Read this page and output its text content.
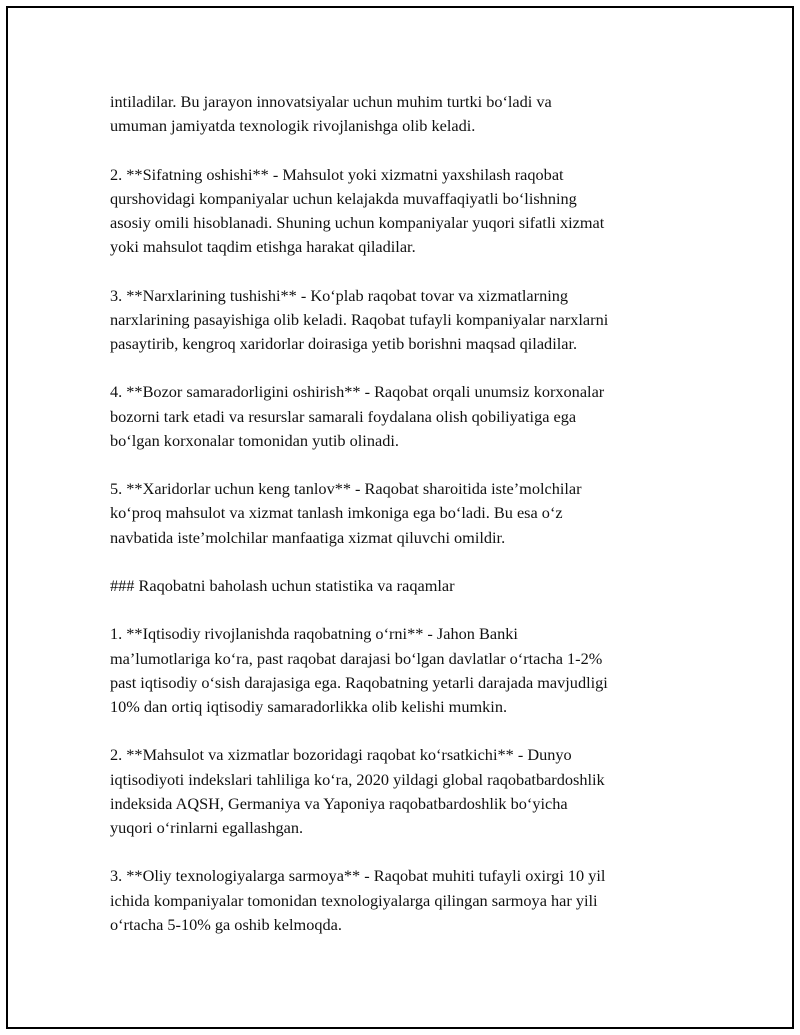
intiladilar. Bu jarayon innovatsiyalar uchun muhim turtki bo‘ladi va
umuman jamiyatda texnologik rivojlanishga olib keladi.

2. **Sifatning oshishi** - Mahsulot yoki xizmatni yaxshilash raqobat
qurshovidagi kompaniyalar uchun kelajakda muvaffaqiyatli bo‘lishning
asosiy omili hisoblanadi. Shuning uchun kompaniyalar yuqori sifatli xizmat
yoki mahsulot taqdim etishga harakat qiladilar.

3. **Narxlarining tushishi** - Ko‘plab raqobat tovar va xizmatlarning
narxlarining pasayishiga olib keladi. Raqobat tufayli kompaniyalar narxlarni
pasaytirib, kengroq xaridorlar doirasiga yetib borishni maqsad qiladilar.

4. **Bozor samaradorligini oshirish** - Raqobat orqali unumsiz korxonalar
bozorni tark etadi va resurslar samarali foydalana olish qobiliyatiga ega
bo‘lgan korxonalar tomonidan yutib olinadi.

5. **Xaridorlar uchun keng tanlov** - Raqobat sharoitida iste’molchilar
ko‘proq mahsulot va xizmat tanlash imkoniga ega bo‘ladi. Bu esa o‘z
navbatida iste’molchilar manfaatiga xizmat qiluvchi omildir.

### Raqobatni baholash uchun statistika va raqamlar

1. **Iqtisodiy rivojlanishda raqobatning o‘rni** - Jahon Banki
ma’lumotlariga ko‘ra, past raqobat darajasi bo‘lgan davlatlar o‘rtacha 1-2%
past iqtisodiy o‘sish darajasiga ega. Raqobatning yetarli darajada mavjudligi
10% dan ortiq iqtisodiy samaradorlikka olib kelishi mumkin.

2. **Mahsulot va xizmatlar bozoridagi raqobat ko‘rsatkichi** - Dunyo
iqtisodiyoti indekslari tahliliga ko‘ra, 2020 yildagi global raqobatbardoshlik
indeksida AQSH, Germaniya va Yaponiya raqobatbardoshlik bo‘yicha
yuqori o‘rinlarni egallashgan.

3. **Oliy texnologiyalarga sarmoya** - Raqobat muhiti tufayli oxirgi 10 yil
ichida kompaniyalar tomonidan texnologiyalarga qilingan sarmoya har yili
o‘rtacha 5-10% ga oshib kelmoqda.
